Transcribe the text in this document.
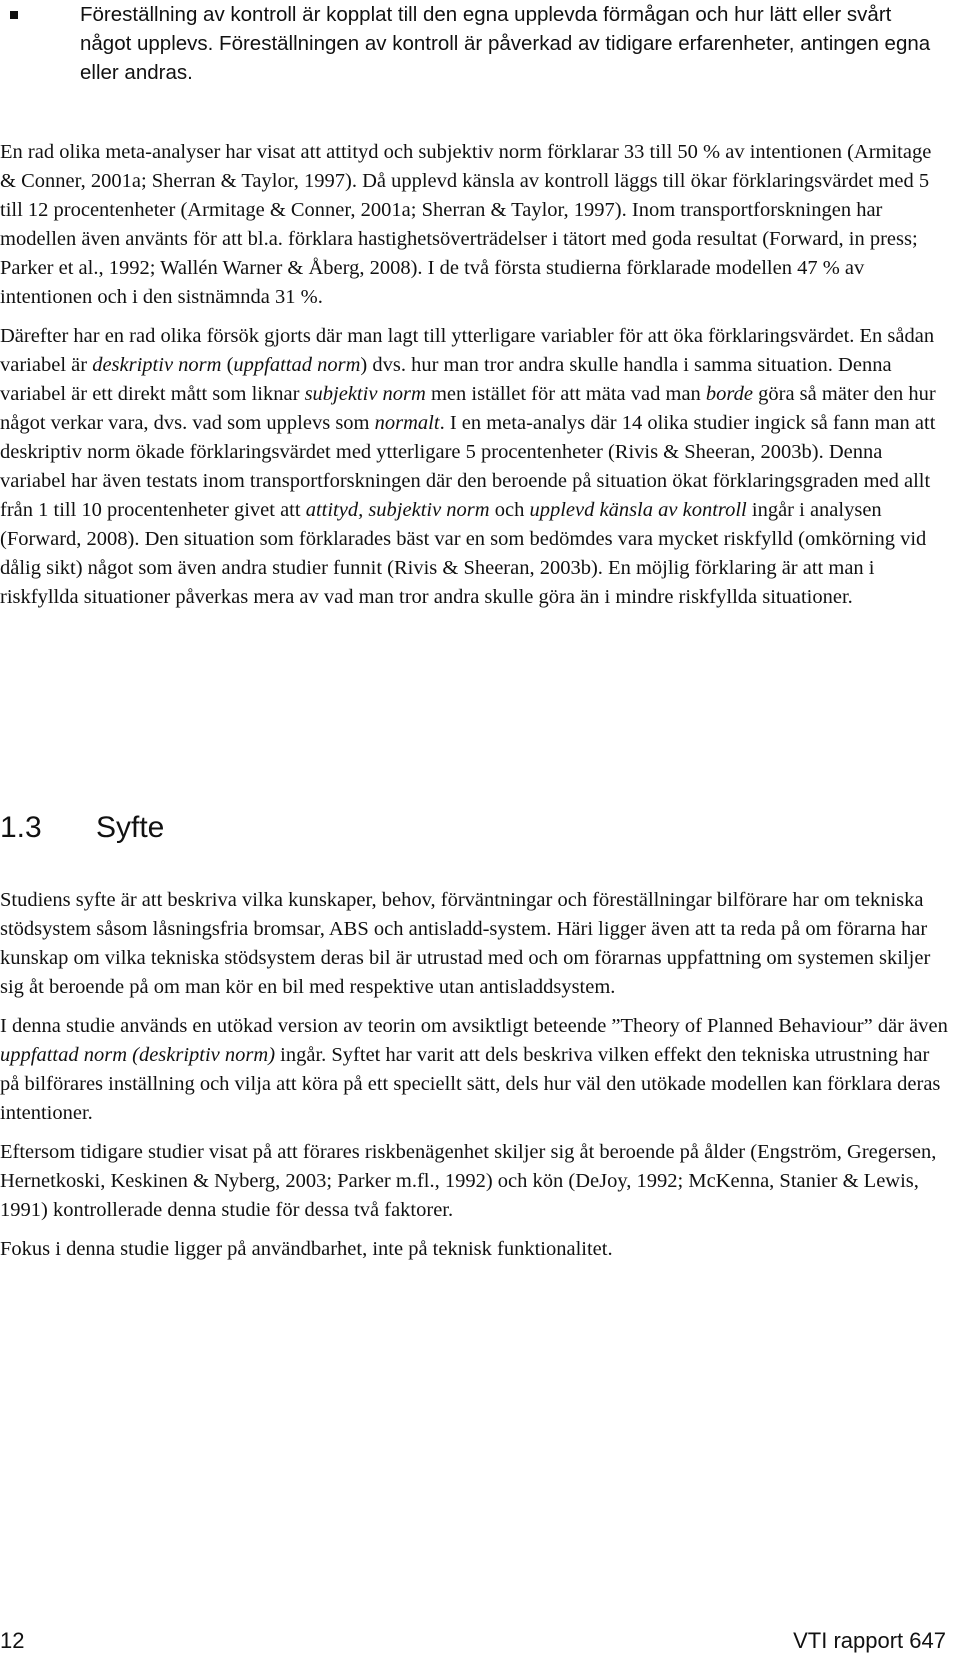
Föreställning av kontroll är kopplat till den egna upplevda förmågan och hur lätt eller svårt något upplevs. Föreställningen av kontroll är påverkad av tidigare erfarenheter, antingen egna eller andras.

En rad olika meta-analyser har visat att attityd och subjektiv norm förklarar 33 till 50 % av intentionen (Armitage & Conner, 2001a; Sherran & Taylor, 1997). Då upplevd känsla av kontroll läggs till ökar förklaringsvärdet med 5 till 12 procentenheter (Armitage & Conner, 2001a; Sherran & Taylor, 1997). Inom transportforskningen har modellen även använts för att bl.a. förklara hastighetsöverträdelser i tätort med goda resultat (Forward, in press; Parker et al., 1992; Wallén Warner & Åberg, 2008). I de två första studierna förklarade modellen 47 % av intentionen och i den sistnämnda 31 %.

Därefter har en rad olika försök gjorts där man lagt till ytterligare variabler för att öka förklaringsvärdet. En sådan variabel är deskriptiv norm (uppfattad norm) dvs. hur man tror andra skulle handla i samma situation. Denna variabel är ett direkt mått som liknar subjektiv norm men istället för att mäta vad man borde göra så mäter den hur något verkar vara, dvs. vad som upplevs som normalt. I en meta-analys där 14 olika studier ingick så fann man att deskriptiv norm ökade förklaringsvärdet med ytterligare 5 procentenheter (Rivis & Sheeran, 2003b). Denna variabel har även testats inom transportforskningen där den beroende på situation ökat förklaringsgraden med allt från 1 till 10 procentenheter givet att attityd, subjektiv norm och upplevd känsla av kontroll ingår i analysen (Forward, 2008). Den situation som förklarades bäst var en som bedömdes vara mycket riskfylld (omkörning vid dålig sikt) något som även andra studier funnit (Rivis & Sheeran, 2003b). En möjlig förklaring är att man i riskfyllda situationer påverkas mera av vad man tror andra skulle göra än i mindre riskfyllda situationer.

1.3 Syfte

Studiens syfte är att beskriva vilka kunskaper, behov, förväntningar och föreställningar bilförare har om tekniska stödsystem såsom låsningsfria bromsar, ABS och antisladd-system. Häri ligger även att ta reda på om förarna har kunskap om vilka tekniska stödsystem deras bil är utrustad med och om förarnas uppfattning om systemen skiljer sig åt beroende på om man kör en bil med respektive utan antisladdsystem.

I denna studie används en utökad version av teorin om avsiktligt beteende ”Theory of Planned Behaviour” där även uppfattad norm (deskriptiv norm) ingår. Syftet har varit att dels beskriva vilken effekt den tekniska utrustning har på bilförares inställning och vilja att köra på ett speciellt sätt, dels hur väl den utökade modellen kan förklara deras intentioner.

Eftersom tidigare studier visat på att förares riskbenägenhet skiljer sig åt beroende på ålder (Engström, Gregersen, Hernetkoski, Keskinen & Nyberg, 2003; Parker m.fl., 1992) och kön (DeJoy, 1992; McKenna, Stanier & Lewis, 1991) kontrollerade denna studie för dessa två faktorer.

Fokus i denna studie ligger på användbarhet, inte på teknisk funktionalitet.

12	VTI rapport 647
